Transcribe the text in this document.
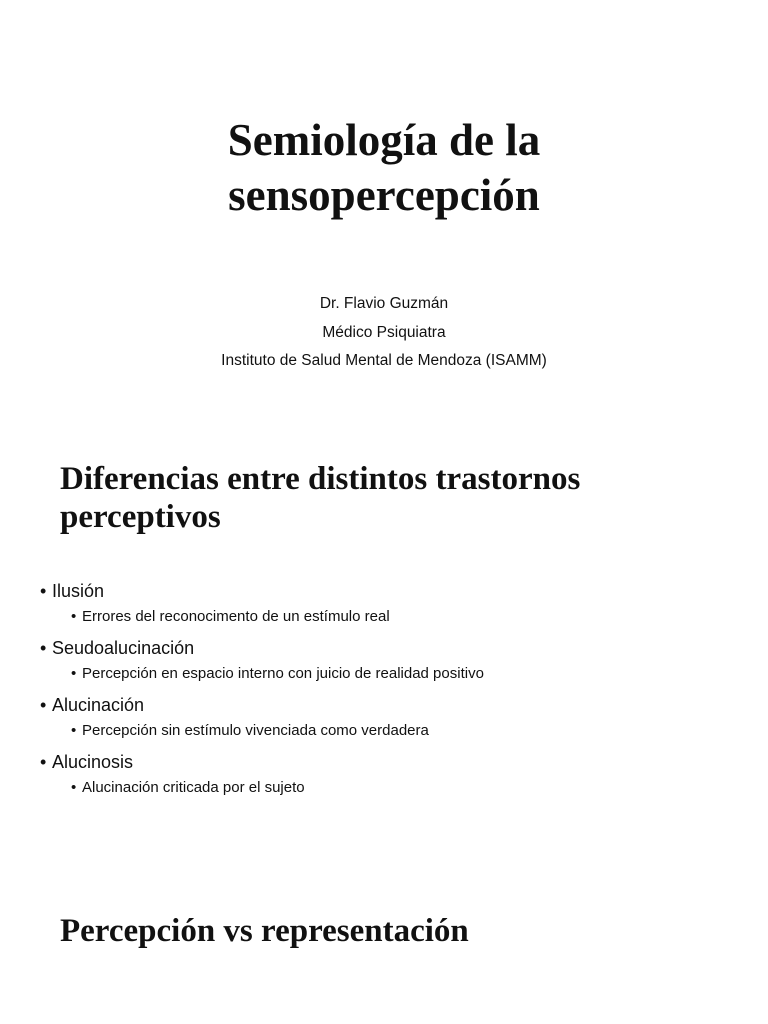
Semiología de la
sensopercepción
Dr. Flavio Guzmán
Médico Psiquiatra
Instituto de Salud Mental de Mendoza (ISAMM)
Diferencias entre distintos trastornos
perceptivos
• Ilusión
• Errores del reconocimento de un estímulo real
• Seudoalucinación
• Percepción en espacio interno con juicio de realidad positivo
• Alucinación
• Percepción sin estímulo vivenciada como verdadera
• Alucinosis
• Alucinación criticada por el sujeto
Percepción vs representación
